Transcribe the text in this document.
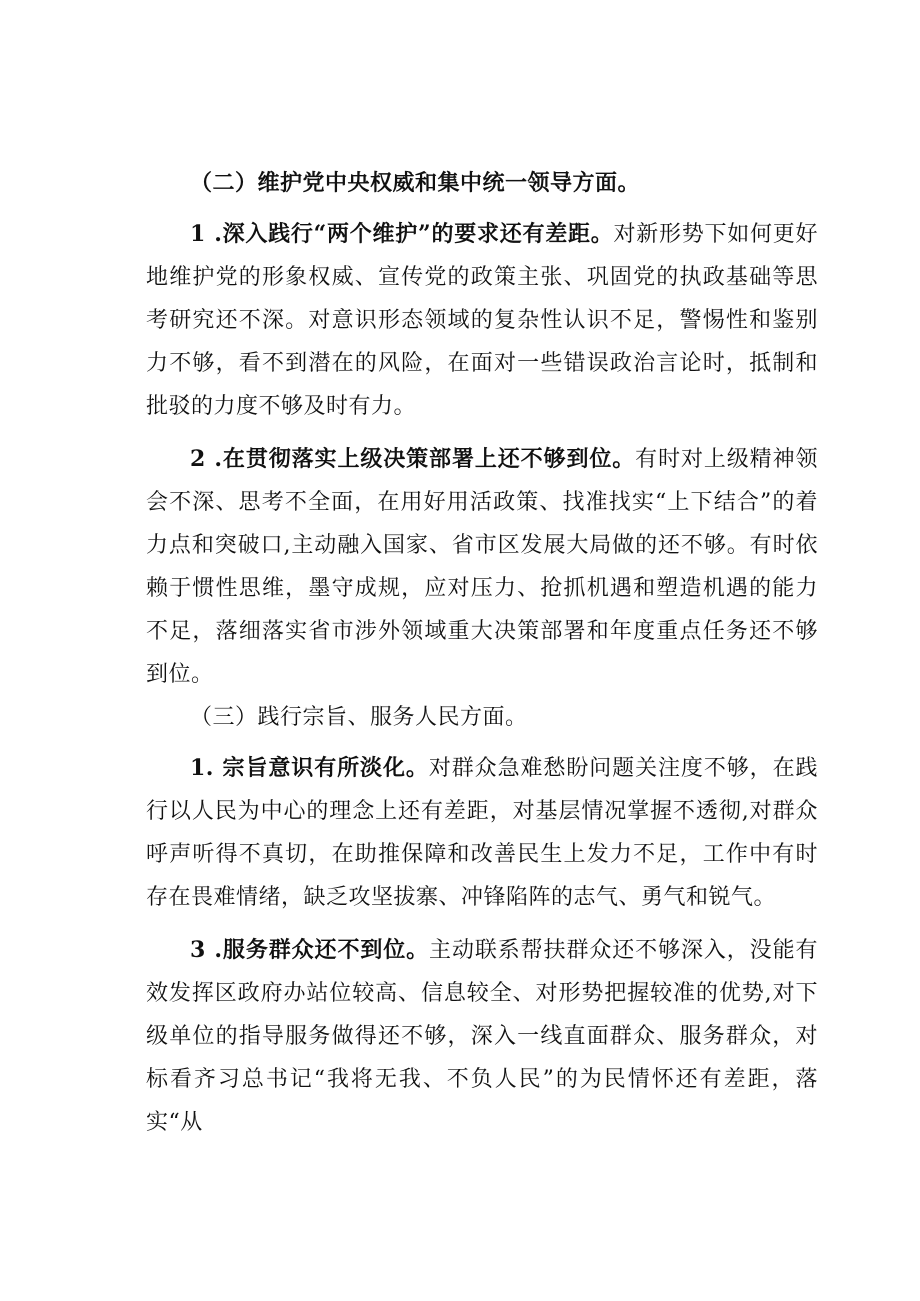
（二）维护党中央权威和集中统一领导方面。

1 .深入践行“两个维护”的要求还有差距。对新形势下如何更好地维护党的形象权威、宣传党的政策主张、巩固党的执政基础等思考研究还不深。对意识形态领域的复杂性认识不足，警惕性和鉴别力不够，看不到潜在的风险，在面对一些错误政治言论时，抵制和批驳的力度不够及时有力。

2 .在贯彻落实上级决策部署上还不够到位。有时对上级精神领会不深、思考不全面，在用好用活政策、找准找实“上下结合”的着力点和突破口,主动融入国家、省市区发展大局做的还不够。有时依赖于惯性思维，墨守成规，应对压力、抢抓机遇和塑造机遇的能力不足，落细落实省市涉外领域重大决策部署和年度重点任务还不够到位。

（三）践行宗旨、服务人民方面。

1. 宗旨意识有所淡化。对群众急难愁盼问题关注度不够，在践行以人民为中心的理念上还有差距，对基层情况掌握不透彻,对群众呼声听得不真切，在助推保障和改善民生上发力不足，工作中有时存在畏难情绪，缺乏攻坚拔寨、冲锋陷阵的志气、勇气和锐气。

3 .服务群众还不到位。主动联系帮扶群众还不够深入，没能有效发挥区政府办站位较高、信息较全、对形势把握较准的优势,对下级单位的指导服务做得还不够，深入一线直面群众、服务群众，对标看齐习总书记“我将无我、不负人民”的为民情怀还有差距，落实“从
